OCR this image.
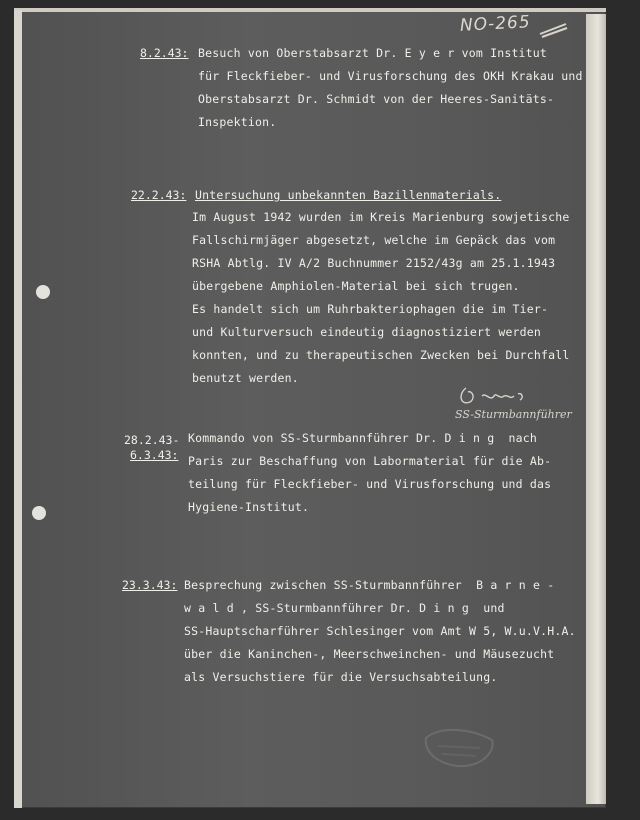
NO-265
8.2.43: Besuch von Oberstabsarzt Dr. E y e r vom Institut
für Fleckfieber- und Virusforschung des OKH Krakau und
Oberstabsarzt Dr. Schmidt von der Heeres-Sanitäts-
Inspektion.
22.2.43: Untersuchung unbekannten Bazillenmaterials.
Im August 1942 wurden im Kreis Marienburg sowjetische
Fallschirmjäger abgesetzt, welche im Gepäck das vom
RSHA Abtlg. IV A/2 Buchnummer 2152/43g am 25.1.1943
übergebene Amphiolen-Material bei sich trugen.
Es handelt sich um Ruhrbakteriophagen die im Tier-
und Kulturversuch eindeutig diagnostiziert werden
konnten, und zu therapeutischen Zwecken bei Durchfall
benutzt werden.
SS-Sturmbannführer
28.2.43-
6.3.43:
Kommando von SS-Sturmbannführer Dr. D i n g  nach
Paris zur Beschaffung von Labormaterial für die Ab-
teilung für Fleckfieber- und Virusforschung und das
Hygiene-Institut.
23.3.43: Besprechung zwischen SS-Sturmbannführer  B a r n e -
w a l d , SS-Sturmbannführer Dr. D i n g  und
SS-Hauptscharführer Schlesinger vom Amt W 5, W.u.V.H.A.
über die Kaninchen-, Meerschweinchen- und Mäusezucht
als Versuchstiere für die Versuchsabteilung.
